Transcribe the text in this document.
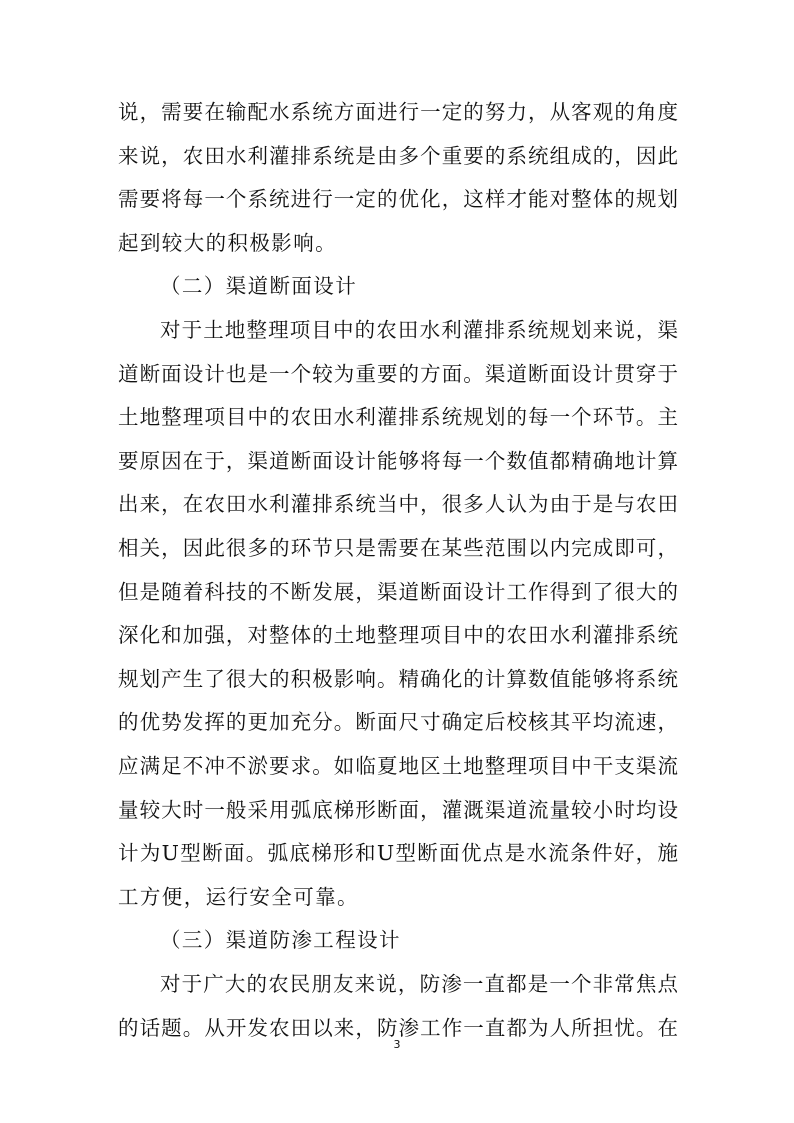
说，需要在输配水系统方面进行一定的努力，从客观的角度
来说，农田水利灌排系统是由多个重要的系统组成的，因此
需要将每一个系统进行一定的优化，这样才能对整体的规划
起到较大的积极影响。
（二）渠道断面设计
对于土地整理项目中的农田水利灌排系统规划来说，渠
道断面设计也是一个较为重要的方面。渠道断面设计贯穿于
土地整理项目中的农田水利灌排系统规划的每一个环节。主
要原因在于，渠道断面设计能够将每一个数值都精确地计算
出来，在农田水利灌排系统当中，很多人认为由于是与农田
相关，因此很多的环节只是需要在某些范围以内完成即可，
但是随着科技的不断发展，渠道断面设计工作得到了很大的
深化和加强，对整体的土地整理项目中的农田水利灌排系统
规划产生了很大的积极影响。精确化的计算数值能够将系统
的优势发挥的更加充分。断面尺寸确定后校核其平均流速，
应满足不冲不淤要求。如临夏地区土地整理项目中干支渠流
量较大时一般采用弧底梯形断面，灌溉渠道流量较小时均设
计为U型断面。弧底梯形和U型断面优点是水流条件好，施
工方便，运行安全可靠。
（三）渠道防渗工程设计
对于广大的农民朋友来说，防渗一直都是一个非常焦点
的话题。从开发农田以来，防渗工作一直都为人所担忧。在
3
